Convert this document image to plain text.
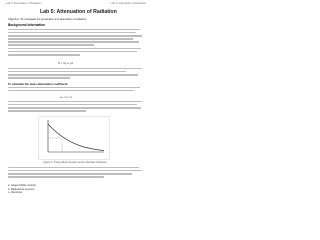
Lab 5: Attenuation of Radiation	Lab 5: Attenuation of Radiation
Lab 5: Attenuation of Radiation
Objective: To investigate the penetration and attenuation of radiation.
Background Information
N = N₀ e⁻μx
To calculate the mass attenuation coefficient
μₘ = μ / ρ
Figure 1: Transmitted intensity versus absorber thickness
a. Geiger-Müller counter
b. Radioactive sources
c. Absorbers
